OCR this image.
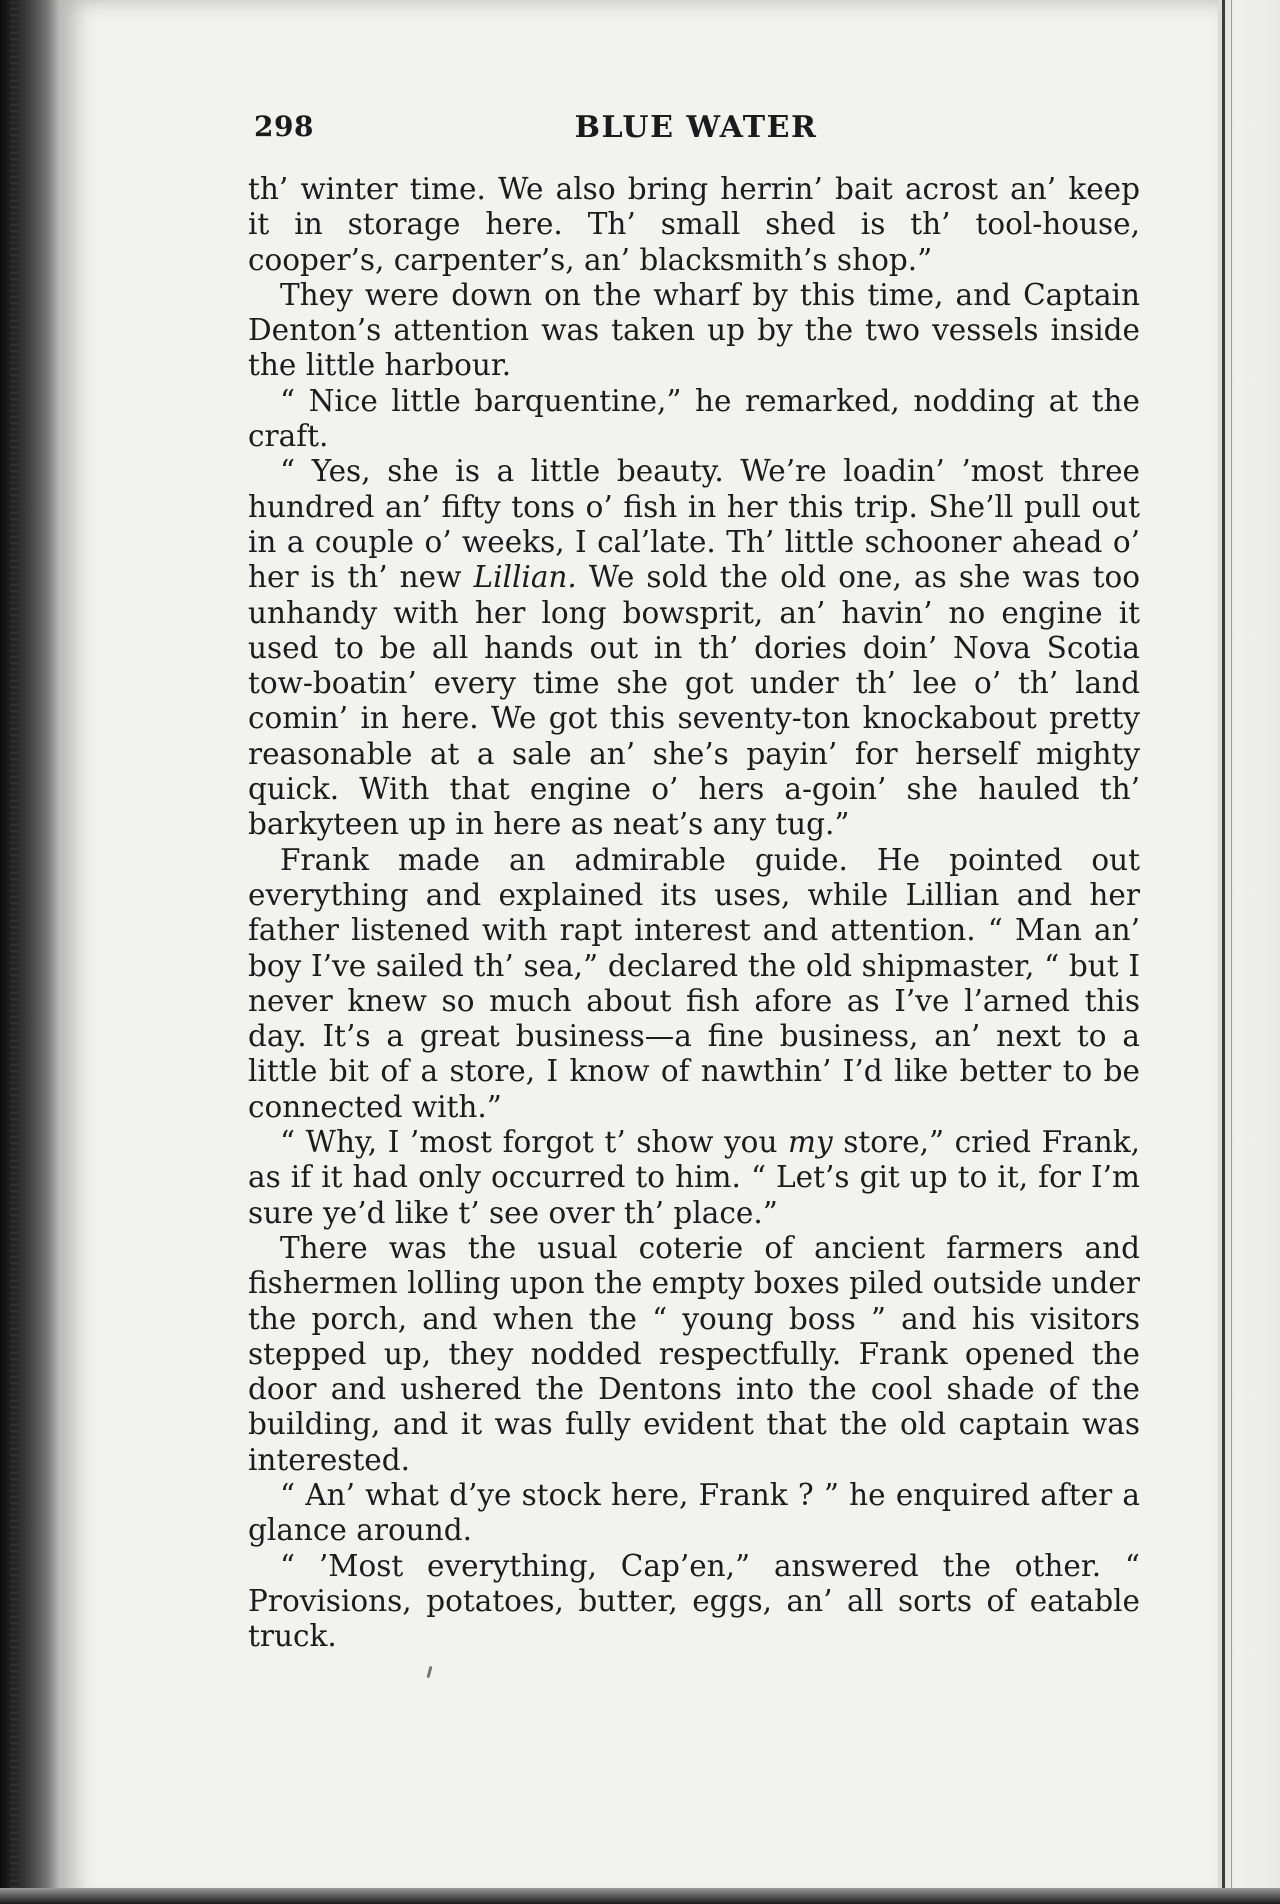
298	BLUE WATER

th’ winter time. We also bring herrin’ bait acrost an’ keep it in storage here. Th’ small shed is th’ tool-house, cooper’s, carpenter’s, an’ blacksmith’s shop.”

They were down on the wharf by this time, and Captain Denton’s attention was taken up by the two vessels inside the little harbour.

“ Nice little barquentine,” he remarked, nodding at the craft.

“ Yes, she is a little beauty. We’re loadin’ ’most three hundred an’ fifty tons o’ fish in her this trip. She’ll pull out in a couple o’ weeks, I cal’late. Th’ little schooner ahead o’ her is th’ new Lillian. We sold the old one, as she was too unhandy with her long bowsprit, an’ havin’ no engine it used to be all hands out in th’ dories doin’ Nova Scotia tow-boatin’ every time she got under th’ lee o’ th’ land comin’ in here. We got this seventy-ton knockabout pretty reasonable at a sale an’ she’s payin’ for herself mighty quick. With that engine o’ hers a-goin’ she hauled th’ barkyteen up in here as neat’s any tug.”

Frank made an admirable guide. He pointed out everything and explained its uses, while Lillian and her father listened with rapt interest and attention. “ Man an’ boy I’ve sailed th’ sea,” declared the old shipmaster, “ but I never knew so much about fish afore as I’ve l’arned this day. It’s a great business—a fine business, an’ next to a little bit of a store, I know of nawthin’ I’d like better to be connected with.”

“ Why, I ’most forgot t’ show you my store,” cried Frank, as if it had only occurred to him. “ Let’s git up to it, for I’m sure ye’d like t’ see over th’ place.”

There was the usual coterie of ancient farmers and fishermen lolling upon the empty boxes piled outside under the porch, and when the “ young boss ” and his visitors stepped up, they nodded respectfully. Frank opened the door and ushered the Dentons into the cool shade of the building, and it was fully evident that the old captain was interested.

“ An’ what d’ye stock here, Frank ? ” he enquired after a glance around.

“ ’Most everything, Cap’en,” answered the other. “ Provisions, potatoes, butter, eggs, an’ all sorts of eatable truck.
